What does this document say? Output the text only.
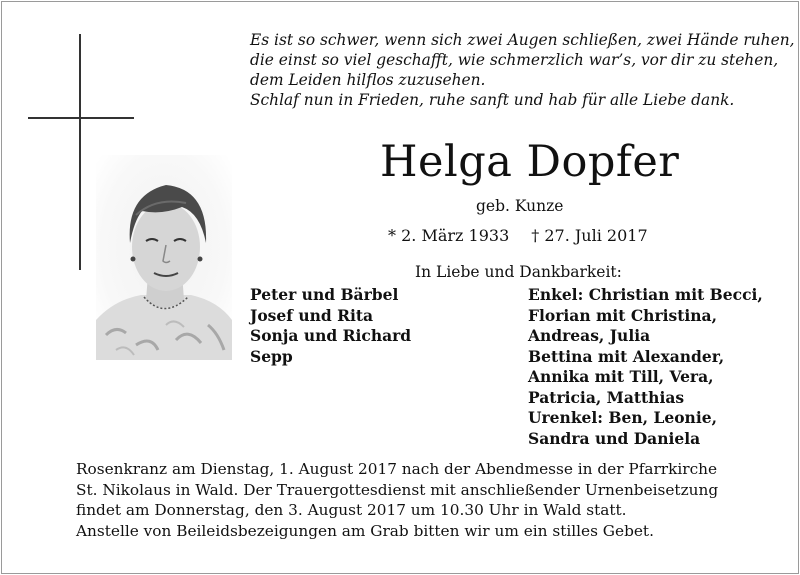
Es ist so schwer, wenn sich zwei Augen schließen, zwei Hände ruhen,
die einst so viel geschafft, wie schmerzlich war’s, vor dir zu stehen,
dem Leiden hilflos zuzusehen.
Schlaf nun in Frieden, ruhe sanft und hab für alle Liebe dank.
Helga Dopfer
geb. Kunze
* 2. März 1933 † 27. Juli 2017
In Liebe und Dankbarkeit:
Peter und Bärbel
Josef und Rita
Sonja und Richard
Sepp
Enkel: Christian mit Becci,
Florian mit Christina,
Andreas, Julia
Bettina mit Alexander,
Annika mit Till, Vera,
Patricia, Matthias
Urenkel: Ben, Leonie,
Sandra und Daniela
Rosenkranz am Dienstag, 1. August 2017 nach der Abendmesse in der Pfarrkirche
St. Nikolaus in Wald. Der Trauergottesdienst mit anschließender Urnenbeisetzung
findet am Donnerstag, den 3. August 2017 um 10.30 Uhr in Wald statt.
Anstelle von Beileidsbezeigungen am Grab bitten wir um ein stilles Gebet.
